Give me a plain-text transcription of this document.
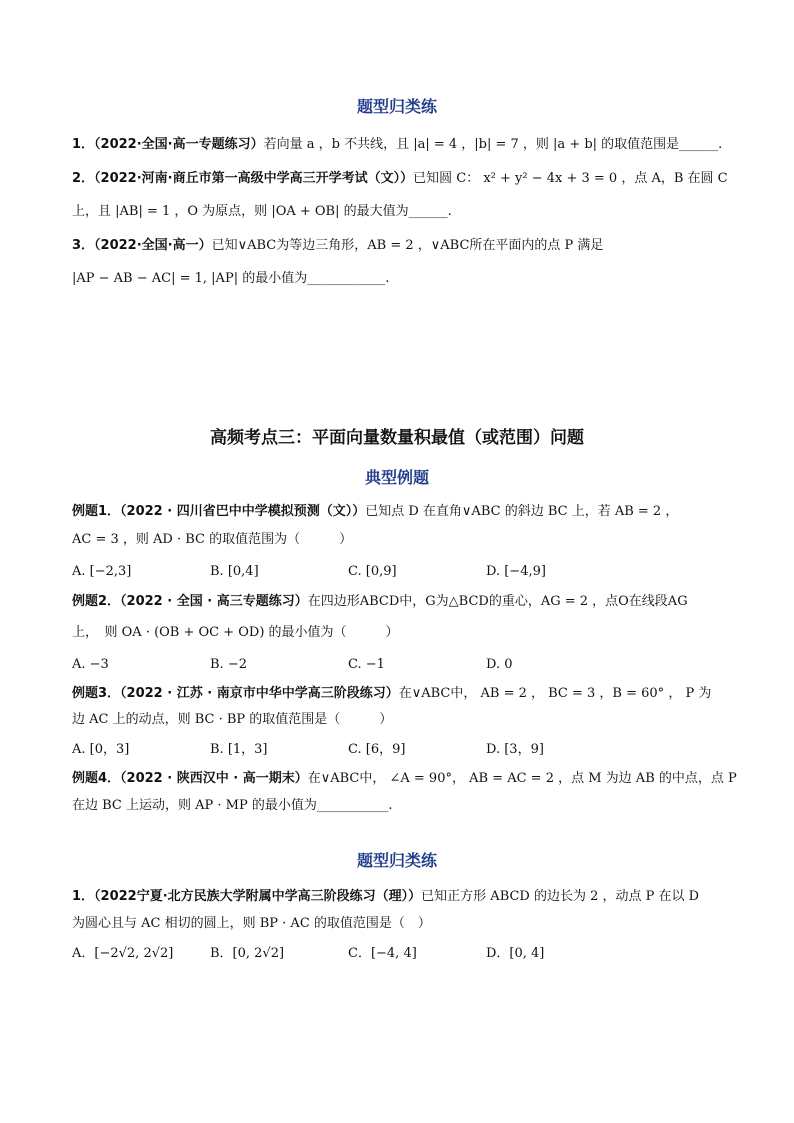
题型归类练

1．（2022·全国·高一专题练习）若向量 a ，b 不共线，且 |a| = 4 ，|b| = 7 ，则 |a + b| 的取值范围是______.

2．（2022·河南·商丘市第一高级中学高三开学考试（文））已知圆 C： x² + y² − 4x + 3 = 0 ，点 A，B 在圆 C

上，且 |AB| = 1 ，O 为原点，则 |OA + OB| 的最大值为______.

3．（2022·全国·高一）已知∨ABC为等边三角形，AB = 2 ，∨ABC所在平面内的点 P 满足

|AP − AB − AC| = 1, |AP| 的最小值为____________.

高频考点三：平面向量数量积最值（或范围）问题
典型例题

例题1．（2022 · 四川省巴中中学模拟预测（文））已知点 D 在直角∨ABC 的斜边 BC 上，若 AB = 2 ，

AC = 3 ，则 AD · BC 的取值范围为（　　　）

A. [−2,3]	B. [0,4]	C. [0,9]	D. [−4,9]

例题2．（2022 · 全国 · 高三专题练习）在四边形ABCD中，G为△BCD的重心，AG = 2 ，点O在线段AG

上，　则 OA · (OB + OC + OD) 的最小值为（　　　）

A. −3	B. −2	C. −1	D. 0

例题3．（2022 · 江苏 · 南京市中华中学高三阶段练习）在∨ABC中， AB = 2 ， BC = 3 ，B = 60° ， P 为

边 AC 上的动点，则 BC · BP 的取值范围是（　　　）

A. [0，3]	B. [1，3]	C. [6，9]	D. [3，9]

例题4．（2022 · 陕西汉中 · 高一期末）在∨ABC中， ∠A = 90°， AB = AC = 2 ，点 M 为边 AB 的中点，点 P

在边 BC 上运动，则 AP · MP 的最小值为___________.

题型归类练

1．（2022宁夏·北方民族大学附属中学高三阶段练习（理））已知正方形 ABCD 的边长为 2 ，动点 P 在以 D

为圆心且与 AC 相切的圆上，则 BP · AC 的取值范围是（　）

A．[−2√2, 2√2]	B．[0, 2√2]	C．[−4, 4]	D．[0, 4]
